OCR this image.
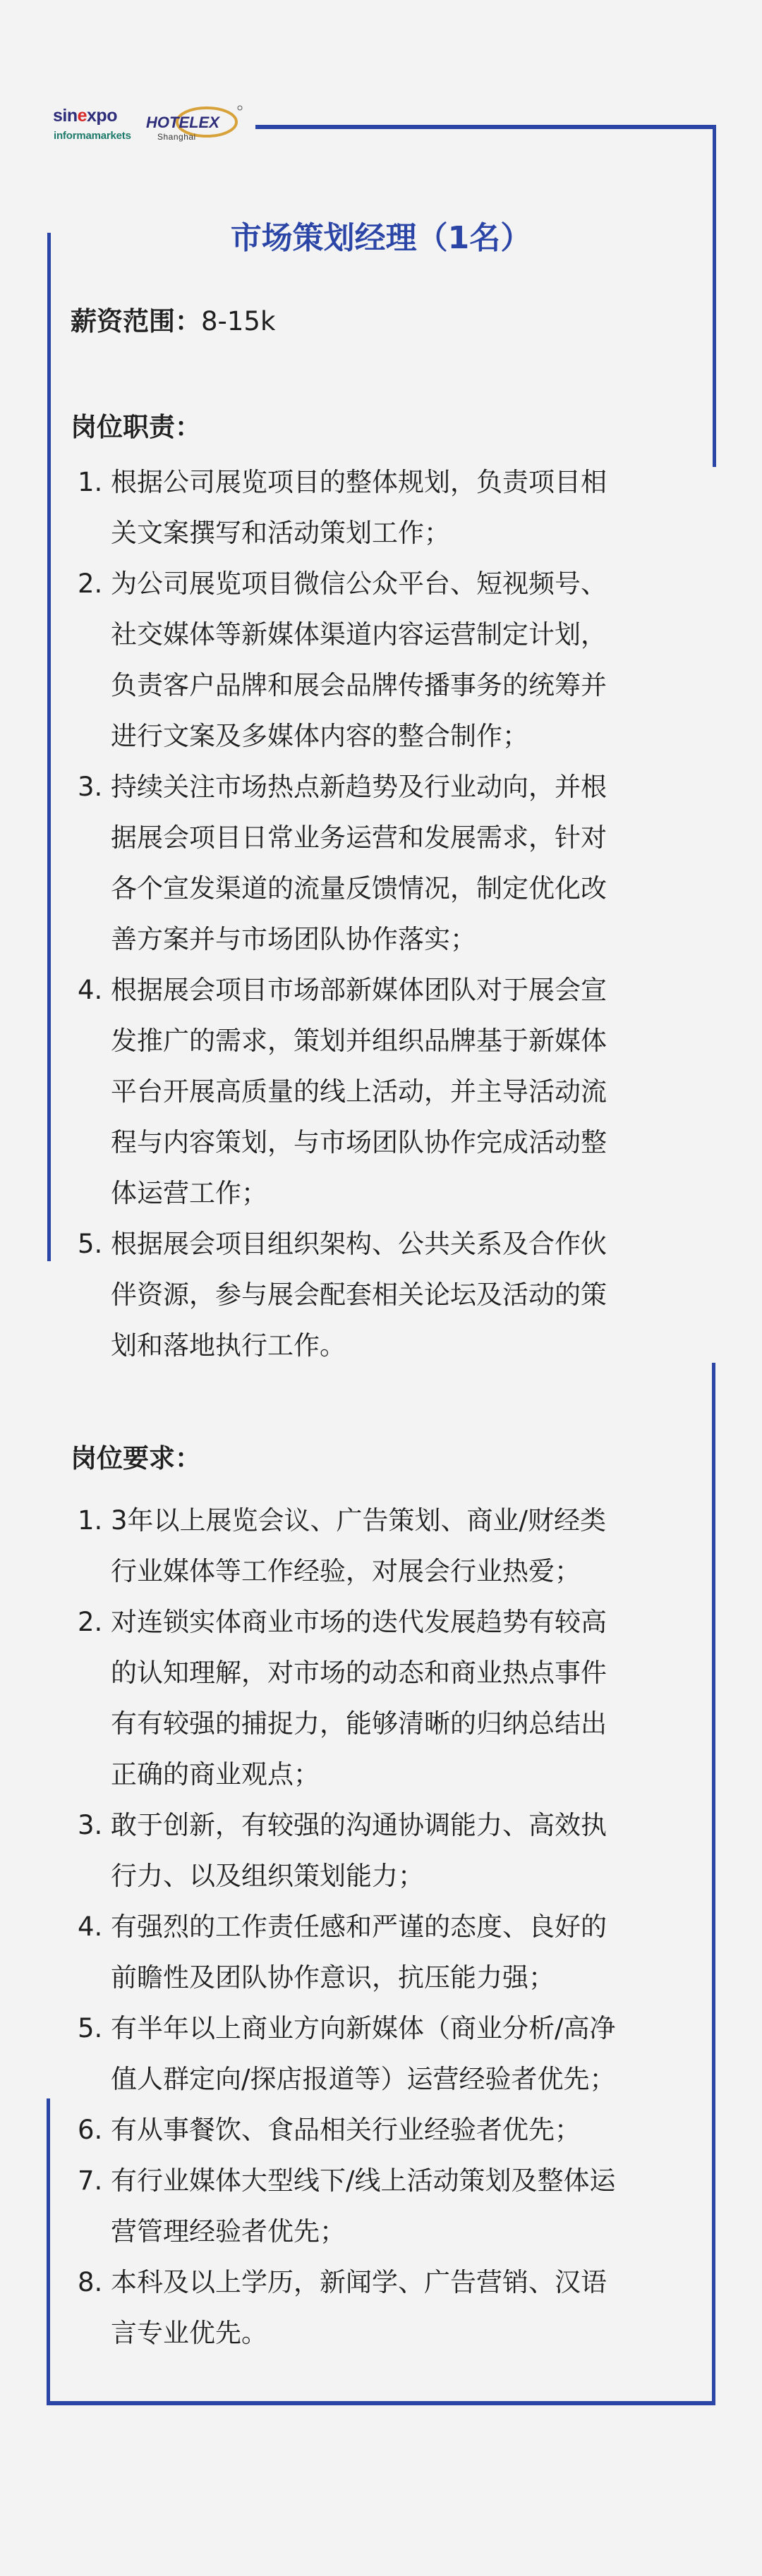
sinexpo
informamarkets
HOTELEX
Shanghai
市场策划经理（1名）
薪资范围：8-15k
岗位职责：
1. 根据公司展览项目的整体规划，负责项目相
关文案撰写和活动策划工作；
2. 为公司展览项目微信公众平台、短视频号、
社交媒体等新媒体渠道内容运营制定计划，
负责客户品牌和展会品牌传播事务的统筹并
进行文案及多媒体内容的整合制作；
3. 持续关注市场热点新趋势及行业动向，并根
据展会项目日常业务运营和发展需求，针对
各个宣发渠道的流量反馈情况，制定优化改
善方案并与市场团队协作落实；
4. 根据展会项目市场部新媒体团队对于展会宣
发推广的需求，策划并组织品牌基于新媒体
平台开展高质量的线上活动，并主导活动流
程与内容策划，与市场团队协作完成活动整
体运营工作；
5. 根据展会项目组织架构、公共关系及合作伙
伴资源，参与展会配套相关论坛及活动的策
划和落地执行工作。
岗位要求：
1. 3年以上展览会议、广告策划、商业/财经类
行业媒体等工作经验，对展会行业热爱；
2. 对连锁实体商业市场的迭代发展趋势有较高
的认知理解，对市场的动态和商业热点事件
有有较强的捕捉力，能够清晰的归纳总结出
正确的商业观点；
3. 敢于创新，有较强的沟通协调能力、高效执
行力、以及组织策划能力；
4. 有强烈的工作责任感和严谨的态度、良好的
前瞻性及团队协作意识，抗压能力强；
5. 有半年以上商业方向新媒体（商业分析/高净
值人群定向/探店报道等）运营经验者优先；
6. 有从事餐饮、食品相关行业经验者优先；
7. 有行业媒体大型线下/线上活动策划及整体运
营管理经验者优先；
8. 本科及以上学历，新闻学、广告营销、汉语
言专业优先。
